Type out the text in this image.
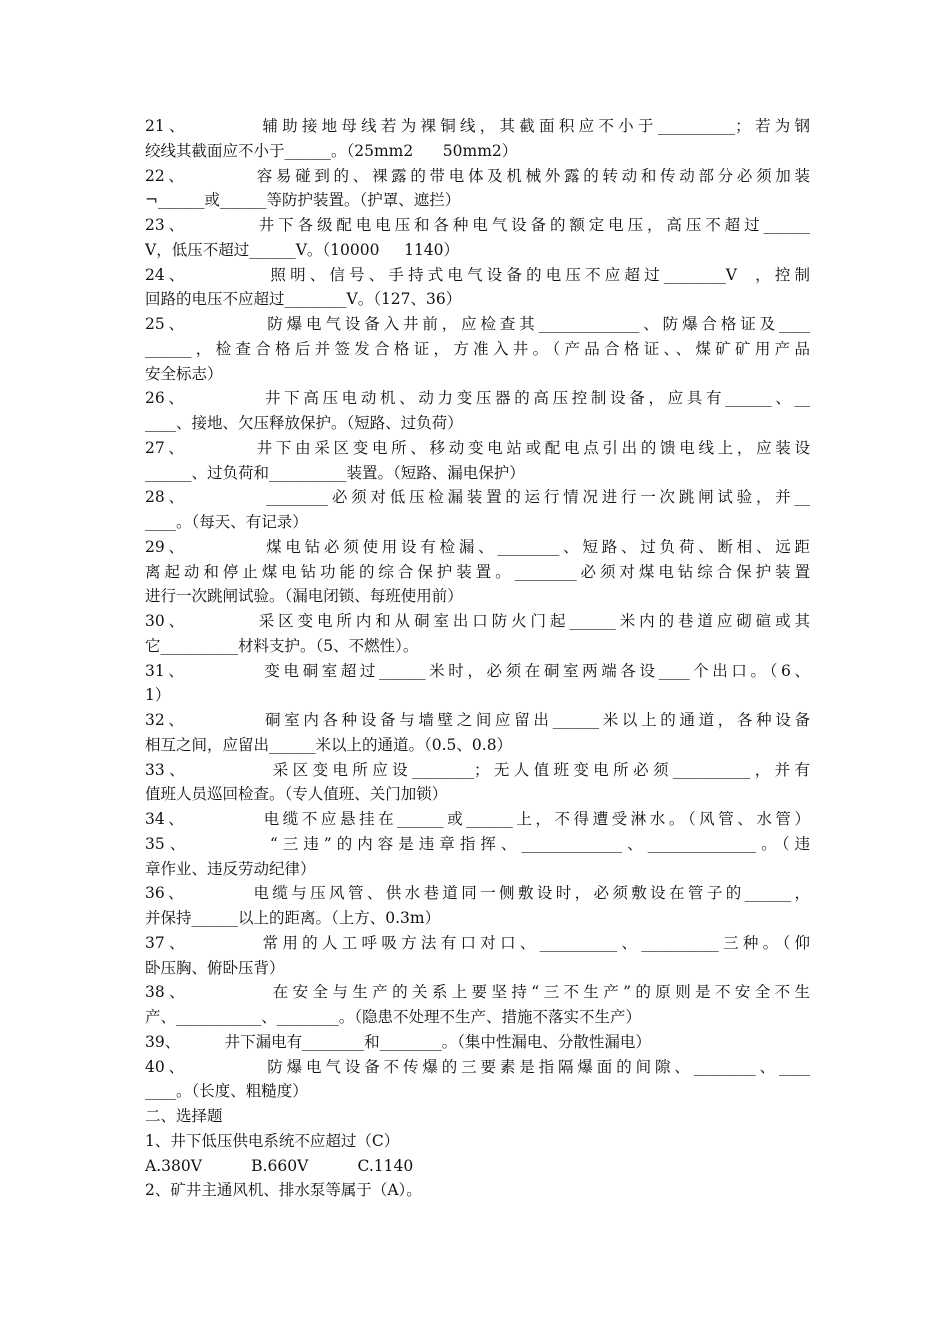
21、        辅助接地母线若为裸铜线，其截面积应不小于__________；若为钢
绞线其截面应不小于______。（25mm2      50mm2）
22、        容易碰到的、裸露的带电体及机械外露的转动和传动部分必须加装
¬______或______等防护装置。（护罩、遮拦）
23、        井下各级配电电压和各种电气设备的额定电压，高压不超过______
V，低压不超过______V。（10000     1140）
24、         照明、信号、手持式电气设备的电压不应超过________V  ，控制
回路的电压不应超过________V。（127、36）
25、         防爆电气设备入井前，应检查其_____________、防爆合格证及____
______，检查合格后并签发合格证，方准入井。（产品合格证、、煤矿矿用产品
安全标志）
26、         井下高压电动机、动力变压器的高压控制设备，应具有______、__
____、接地、欠压释放保护。（短路、过负荷）
27、        井下由采区变电所、移动变电站或配电点引出的馈电线上，应装设
______、过负荷和__________装置。（短路、漏电保护）
28、         ________必须对低压检漏装置的运行情况进行一次跳闸试验，并__
____。（每天、有记录）
29、         煤电钻必须使用设有检漏、________、短路、过负荷、断相、远距
离起动和停止煤电钻功能的综合保护装置。________必须对煤电钻综合保护装置
进行一次跳闸试验。（漏电闭锁、每班使用前）
30、        采区变电所内和从硐室出口防火门起______米内的巷道应砌碹或其
它__________材料支护。（5、不燃性）。
31、         变电硐室超过______米时，必须在硐室两端各设____个出口。（6、
1）
32、         硐室内各种设备与墙壁之间应留出______米以上的通道，各种设备
相互之间，应留出______米以上的通道。（0.5、0.8）
33、         采区变电所应设________；无人值班变电所必须__________，并有
值班人员巡回检查。（专人值班、关门加锁）
34、         电缆不应悬挂在______或______上，不得遭受淋水。（风管、水管）
35、        “三违”的内容是违章指挥、_____________、______________。（违
章作业、违反劳动纪律）
36、        电缆与压风管、供水巷道同一侧敷设时，必须敷设在管子的______，
并保持______以上的距离。（上方、0.3m）
37、        常用的人工呼吸方法有口对口、__________、__________三种。（仰
卧压胸、俯卧压背）
38、         在安全与生产的关系上要坚持“三不生产”的原则是不安全不生
产、___________、________。（隐患不处理不生产、措施不落实不生产）
39、         井下漏电有________和________。（集中性漏电、分散性漏电）
40、         防爆电气设备不传爆的三要素是指隔爆面的间隙、________、____
____。（长度、粗糙度）
二、选择题
1、井下低压供电系统不应超过（C）
A.380V          B.660V          C.1140
2、矿井主通风机、排水泵等属于（A）。
